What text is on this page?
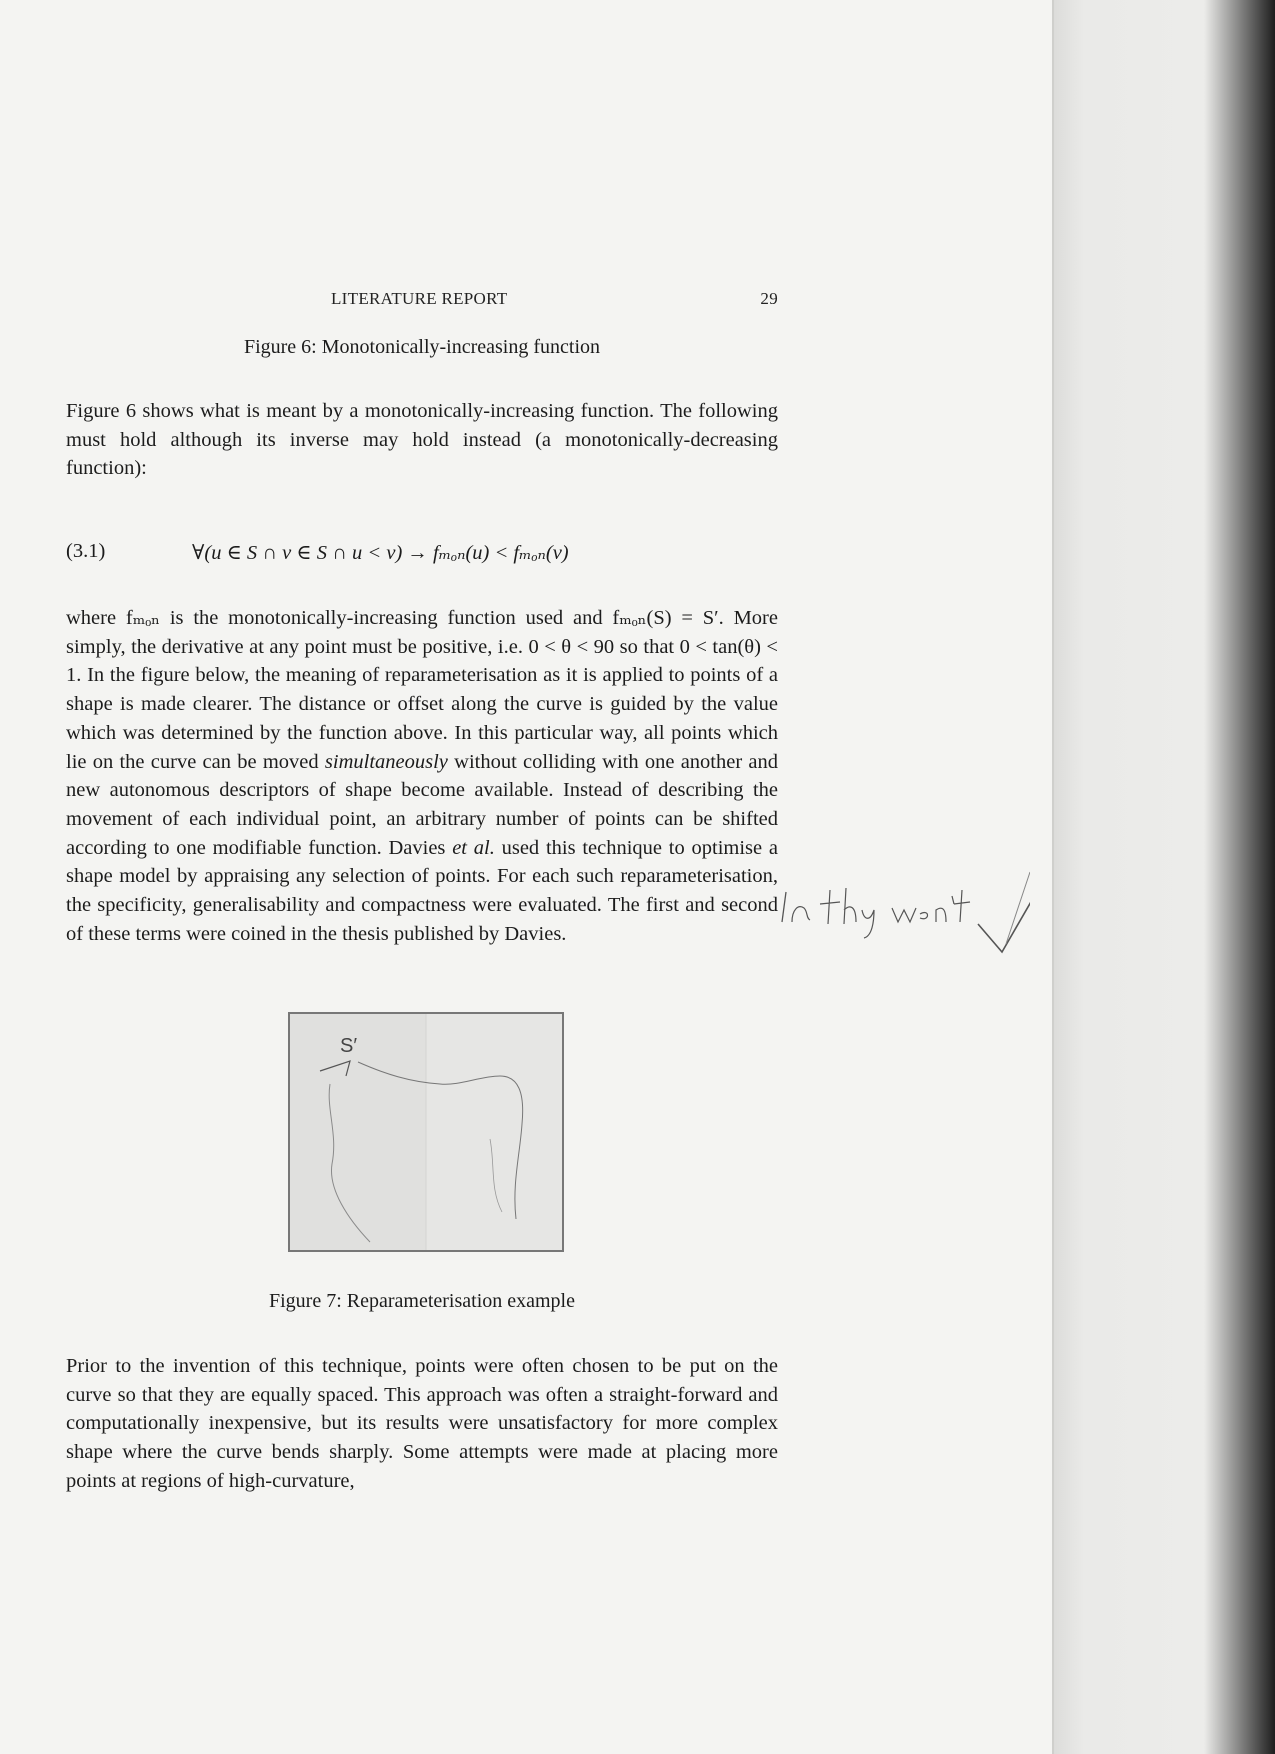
LITERATURE REPORT	29
Figure 6: Monotonically-increasing function

Figure 6 shows what is meant by a monotonically-increasing function. The following must hold although its inverse may hold instead (a monotonically-decreasing function):

(3.1)	∀(u ∈ S ∩ v ∈ S ∩ u < v) → fₘₒₙ(u) < fₘₒₙ(v)

where fₘₒₙ is the monotonically-increasing function used and fₘₒₙ(S) = S′. More simply, the derivative at any point must be positive, i.e. 0 < θ < 90 so that 0 < tan(θ) < 1. In the figure below, the meaning of reparameterisation as it is applied to points of a shape is made clearer. The distance or offset along the curve is guided by the value which was determined by the function above. In this particular way, all points which lie on the curve can be moved simultaneously without colliding with one another and new autonomous descriptors of shape become available. Instead of describing the movement of each individual point, an arbitrary number of points can be shifted according to one modifiable function. Davies et al. used this technique to optimise a shape model by appraising any selection of points. For each such reparameterisation, the specificity, generalisability and compactness were evaluated. The first and second of these terms were coined in the thesis published by Davies.

S′
Figure 7: Reparameterisation example

Prior to the invention of this technique, points were often chosen to be put on the curve so that they are equally spaced. This approach was often a straight-forward and computationally inexpensive, but its results were unsatisfactory for more complex shape where the curve bends sharply. Some attempts were made at placing more points at regions of high-curvature,

no they weren't
